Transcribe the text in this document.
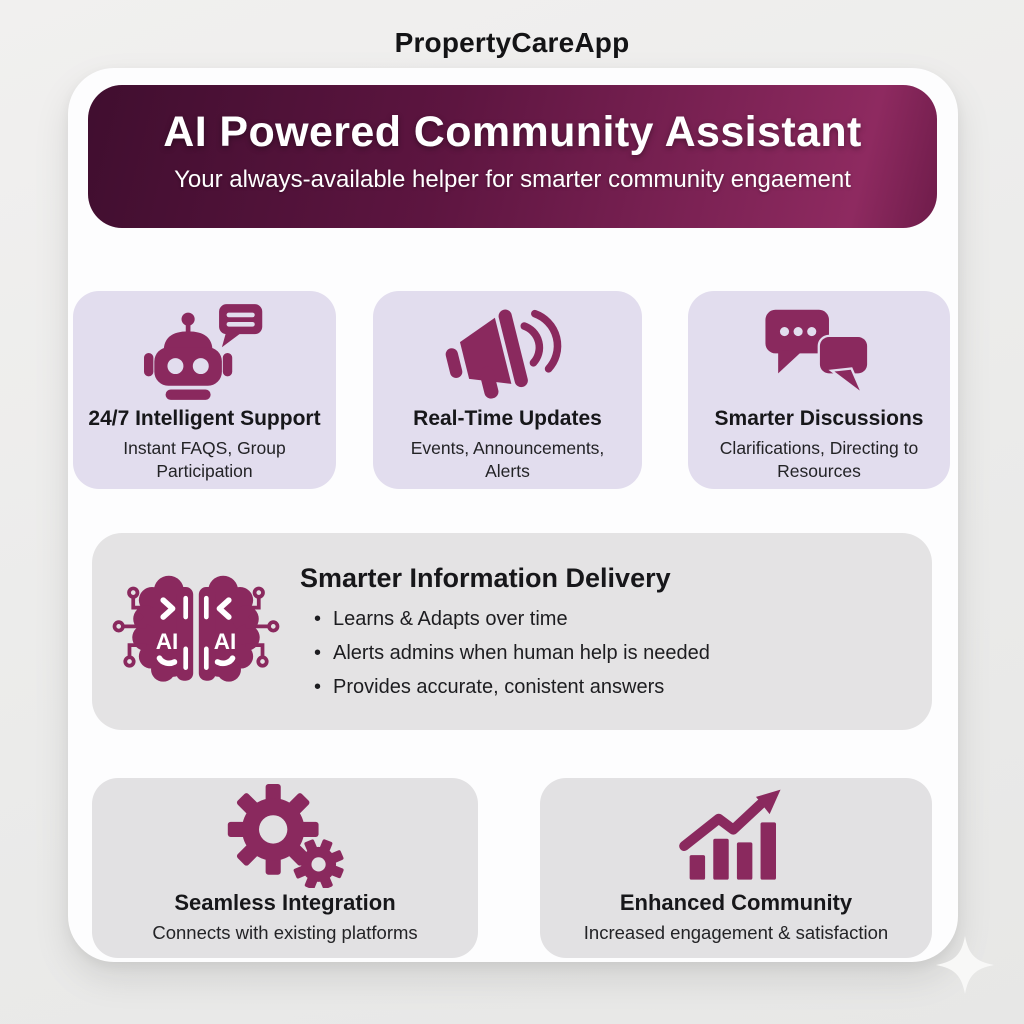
PropertyCareApp
AI Powered Community Assistant

Your always-available helper for smarter community engaement

24/7 Intelligent Support

Instant FAQS, Group Participation

Real-Time Updates

Events, Announcements, Alerts

Smarter Discussions

Clarifications, Directing to Resources

AI AI
Smarter Information Delivery
• Learns & Adapts over time
• Alerts admins when human help is needed
• Provides accurate, conistent answers
Seamless Integration

Connects with existing platforms

Enhanced Community

Increased engagement & satisfaction
